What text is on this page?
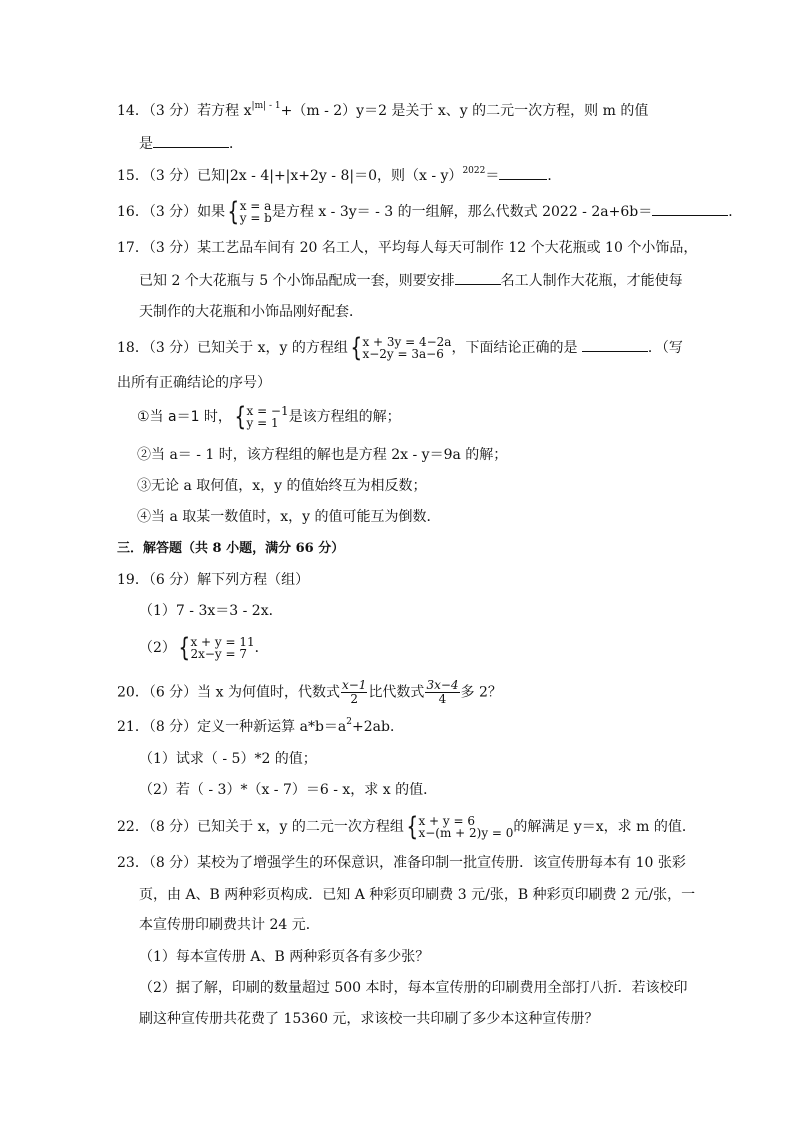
14．（3 分）若方程 $x^{|m| - 1}+(m - 2)y=2$ 是关于 x、y 的二元一次方程，则 m 的值
是	．
15．（3 分）已知|2x - 4|+|x+2y - 8|＝0，则（x - y）$^{2022}$＝	．
16．（3 分）如果 { x = a
y = b 是方程 x - 3y＝ - 3 的一组解，那么代数式 2022 - 2a+6b＝	．
17．（3 分）某工艺品车间有 20 名工人，平均每人每天可制作 12 个大花瓶或 10 个小饰品，
已知 2 个大花瓶与 5 个小饰品配成一套，则要安排	名工人制作大花瓶，才能使每
天制作的大花瓶和小饰品刚好配套．
18．（3 分）已知关于 x，y 的方程组 { x + 3y = 4−2a
x−2y = 3a−6 ，下面结论正确的是	．（写
出所有正确结论的序号）
①当 a＝1 时， { x = −1
y = 1 是该方程组的解；
②当 a＝ - 1 时，该方程组的解也是方程 2x - y＝9a 的解；
③无论 a 取何值，x，y 的值始终互为相反数；
④当 a 取某一数值时，x，y 的值可能互为倒数．
三．解答题（共 8 小题，满分 66 分）
19．（6 分）解下列方程（组）
（1）7 - 3x＝3 - 2x．
（2） { x + y = 11
2x−y = 7 ．
20．（6 分）当 x 为何值时，代数式 $\frac{x-1}{2}$ 比代数式 $\frac{3x-4}{4}$ 多 2？
21．（8 分）定义一种新运算 $a*b=a^2+2ab$．
（1）试求（ - 5）*2 的值；
（2）若（ - 3）*（x - 7）＝6 - x，求 x 的值．
22．（8 分）已知关于 x，y 的二元一次方程组 { x + y = 6
x−(m + 2)y = 0 的解满足 y＝x，求 m 的值．
23．（8 分）某校为了增强学生的环保意识，准备印制一批宣传册．该宣传册每本有 10 张彩
页，由 A、B 两种彩页构成．已知 A 种彩页印刷费 3 元/张，B 种彩页印刷费 2 元/张，一
本宣传册印刷费共计 24 元．
（1）每本宣传册 A、B 两种彩页各有多少张？
（2）据了解，印刷的数量超过 500 本时，每本宣传册的印刷费用全部打八折．若该校印
刷这种宣传册共花费了 15360 元，求该校一共印刷了多少本这种宣传册？
